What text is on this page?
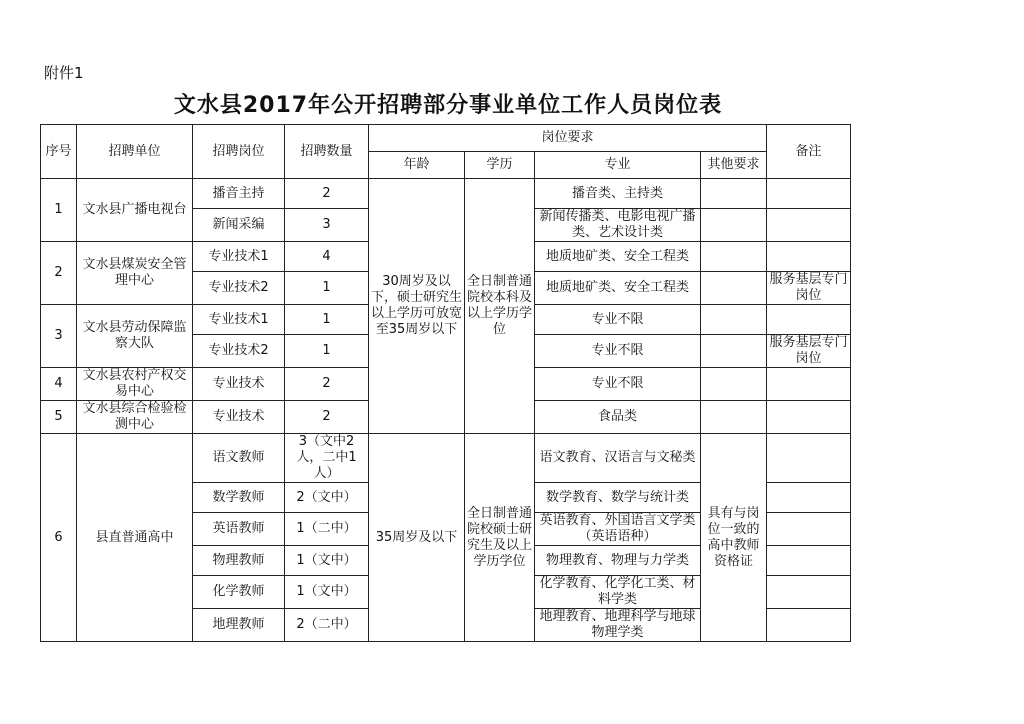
附件1
文水县2017年公开招聘部分事业单位工作人员岗位表
序号	招聘单位	招聘岗位	招聘数量	岗位要求				备注
				年龄	学历	专业	其他要求	
1	文水县广播电视台	播音主持	2	30周岁及以下，硕士研究生以上学历可放宽至35周岁以下	全日制普通院校本科及以上学历学位	播音类、主持类		
		新闻采编	3			新闻传播类、电影电视广播类、艺术设计类		
2	文水县煤炭安全管理中心	专业技术1	4			地质地矿类、安全工程类		
		专业技术2	1			地质地矿类、安全工程类		服务基层专门岗位
3	文水县劳动保障监察大队	专业技术1	1			专业不限		
		专业技术2	1			专业不限		服务基层专门岗位
4	文水县农村产权交易中心	专业技术	2			专业不限		
5	文水县综合检验检测中心	专业技术	2			食品类		
6	县直普通高中	语文教师	3（文中2人，二中1人）	35周岁及以下	全日制普通院校硕士研究生及以上学历学位	语文教育、汉语言与文秘类	具有与岗位一致的高中教师资格证	
		数学教师	2（文中）			数学教育、数学与统计类		
		英语教师	1（二中）			英语教育、外国语言文学类（英语语种）		
		物理教师	1（文中）			物理教育、物理与力学类		
		化学教师	1（文中）			化学教育、化学化工类、材料学类		
		地理教师	2（二中）			地理教育、地理科学与地球物理学类		
